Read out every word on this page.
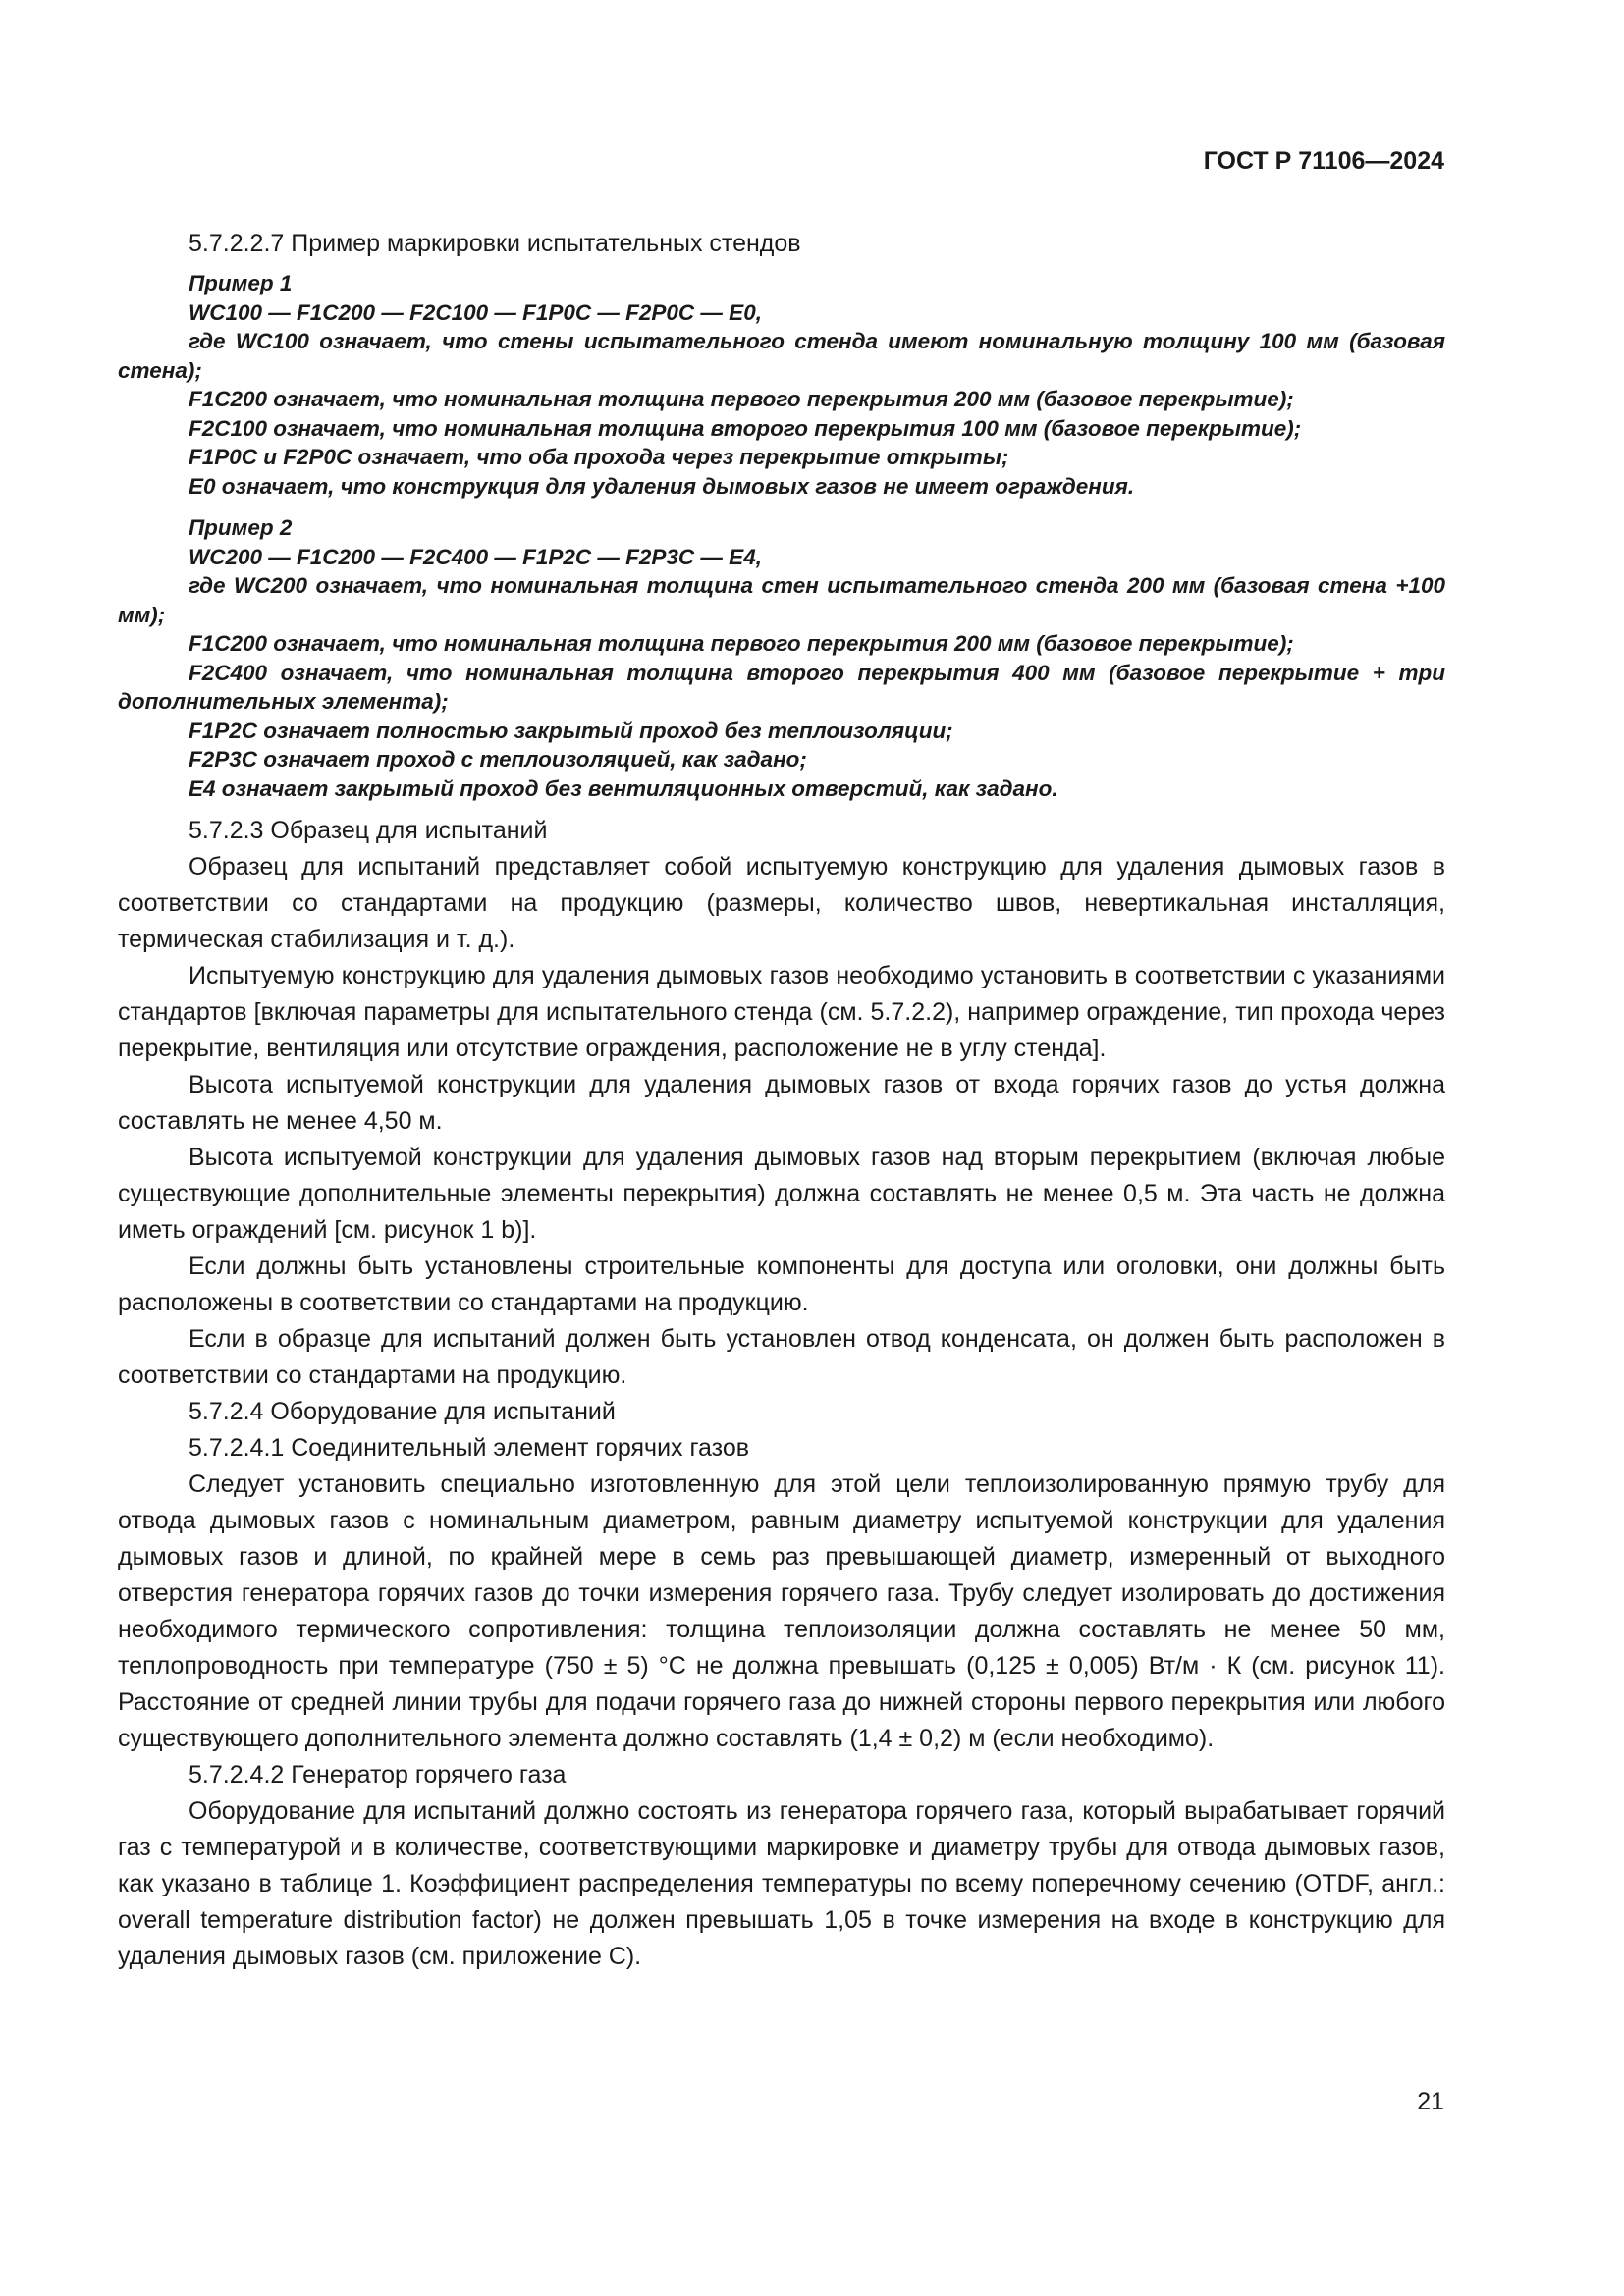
ГОСТ Р 71106—2024

5.7.2.2.7 Пример маркировки испытательных стендов

Пример 1

WC100 — F1C200 — F2C100 — F1P0C — F2P0C — E0,

где WC100 означает, что стены испытательного стенда имеют номинальную толщину 100 мм (базовая стена);

F1C200 означает, что номинальная толщина первого перекрытия 200 мм (базовое перекрытие);

F2C100 означает, что номинальная толщина второго перекрытия 100 мм (базовое перекрытие);

F1P0C и F2P0C означает, что оба прохода через перекрытие открыты;

E0 означает, что конструкция для удаления дымовых газов не имеет ограждения.

Пример 2

WC200 — F1C200 — F2C400 — F1P2C — F2P3C — E4,

где WC200 означает, что номинальная толщина стен испытательного стенда 200 мм (базовая стена +100 мм);

F1C200 означает, что номинальная толщина первого перекрытия 200 мм (базовое перекрытие);

F2C400 означает, что номинальная толщина второго перекрытия 400 мм (базовое перекрытие + три дополнительных элемента);

F1P2C означает полностью закрытый проход без теплоизоляции;

F2P3C означает проход с теплоизоляцией, как задано;

E4 означает закрытый проход без вентиляционных отверстий, как задано.

5.7.2.3 Образец для испытаний

Образец для испытаний представляет собой испытуемую конструкцию для удаления дымовых газов в соответствии со стандартами на продукцию (размеры, количество швов, невертикальная инсталляция, термическая стабилизация и т. д.).

Испытуемую конструкцию для удаления дымовых газов необходимо установить в соответствии с указаниями стандартов [включая параметры для испытательного стенда (см. 5.7.2.2), например ограждение, тип прохода через перекрытие, вентиляция или отсутствие ограждения, расположение не в углу стенда].

Высота испытуемой конструкции для удаления дымовых газов от входа горячих газов до устья должна составлять не менее 4,50 м.

Высота испытуемой конструкции для удаления дымовых газов над вторым перекрытием (включая любые существующие дополнительные элементы перекрытия) должна составлять не менее 0,5 м. Эта часть не должна иметь ограждений [см. рисунок 1 b)].

Если должны быть установлены строительные компоненты для доступа или оголовки, они должны быть расположены в соответствии со стандартами на продукцию.

Если в образце для испытаний должен быть установлен отвод конденсата, он должен быть расположен в соответствии со стандартами на продукцию.

5.7.2.4 Оборудование для испытаний

5.7.2.4.1 Соединительный элемент горячих газов

Следует установить специально изготовленную для этой цели теплоизолированную прямую трубу для отвода дымовых газов с номинальным диаметром, равным диаметру испытуемой конструкции для удаления дымовых газов и длиной, по крайней мере в семь раз превышающей диаметр, измеренный от выходного отверстия генератора горячих газов до точки измерения горячего газа. Трубу следует изолировать до достижения необходимого термического сопротивления: толщина теплоизоляции должна составлять не менее 50 мм, теплопроводность при температуре (750 ± 5) °C не должна превышать (0,125 ± 0,005) Вт/м · К (см. рисунок 11). Расстояние от средней линии трубы для подачи горячего газа до нижней стороны первого перекрытия или любого существующего дополнительного элемента должно составлять (1,4 ± 0,2) м (если необходимо).

5.7.2.4.2 Генератор горячего газа

Оборудование для испытаний должно состоять из генератора горячего газа, который вырабатывает горячий газ с температурой и в количестве, соответствующими маркировке и диаметру трубы для отвода дымовых газов, как указано в таблице 1. Коэффициент распределения температуры по всему поперечному сечению (OTDF, англ.: overall temperature distribution factor) не должен превышать 1,05 в точке измерения на входе в конструкцию для удаления дымовых газов (см. приложение С).

21
